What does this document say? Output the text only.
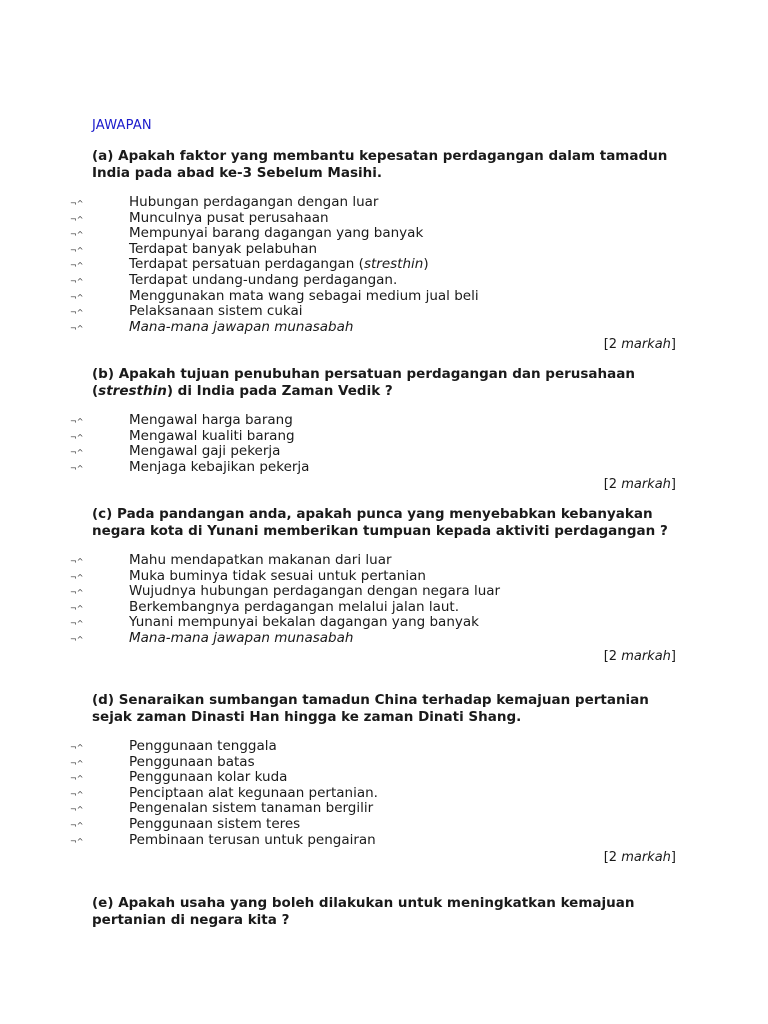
JAWAPAN
(a) Apakah faktor yang membantu kepesatan perdagangan dalam tamadun India pada abad ke-3 Sebelum Masihi.
¬^	Hubungan perdagangan dengan luar
¬^	Munculnya pusat perusahaan
¬^	Mempunyai barang dagangan yang banyak
¬^	Terdapat banyak pelabuhan
¬^	Terdapat persatuan perdagangan (stresthin)
¬^	Terdapat undang-undang perdagangan.
¬^	Menggunakan mata wang sebagai medium jual beli
¬^	Pelaksanaan sistem cukai
¬^	Mana-mana jawapan munasabah
[2 markah]
(b) Apakah tujuan penubuhan persatuan perdagangan dan perusahaan
(stresthin) di India pada Zaman Vedik ?
¬^	Mengawal harga barang
¬^	Mengawal kualiti barang
¬^	Mengawal gaji pekerja
¬^	Menjaga kebajikan pekerja
[2 markah]
(c) Pada pandangan anda, apakah punca yang menyebabkan kebanyakan negara kota di Yunani memberikan tumpuan kepada aktiviti perdagangan ?
¬^	Mahu mendapatkan makanan dari luar
¬^	Muka buminya tidak sesuai untuk pertanian
¬^	Wujudnya hubungan perdagangan dengan negara luar
¬^	Berkembangnya perdagangan melalui jalan laut.
¬^	Yunani mempunyai bekalan dagangan yang banyak
¬^	Mana-mana jawapan munasabah
[2 markah]
(d) Senaraikan sumbangan tamadun China terhadap kemajuan pertanian sejak zaman Dinasti Han hingga ke zaman Dinati Shang.
¬^	Penggunaan tenggala
¬^	Penggunaan batas
¬^	Penggunaan kolar kuda
¬^	Penciptaan alat kegunaan pertanian.
¬^	Pengenalan sistem tanaman bergilir
¬^	Penggunaan sistem teres
¬^	Pembinaan terusan untuk pengairan
[2 markah]
(e) Apakah usaha yang boleh dilakukan untuk meningkatkan kemajuan pertanian di negara kita ?
